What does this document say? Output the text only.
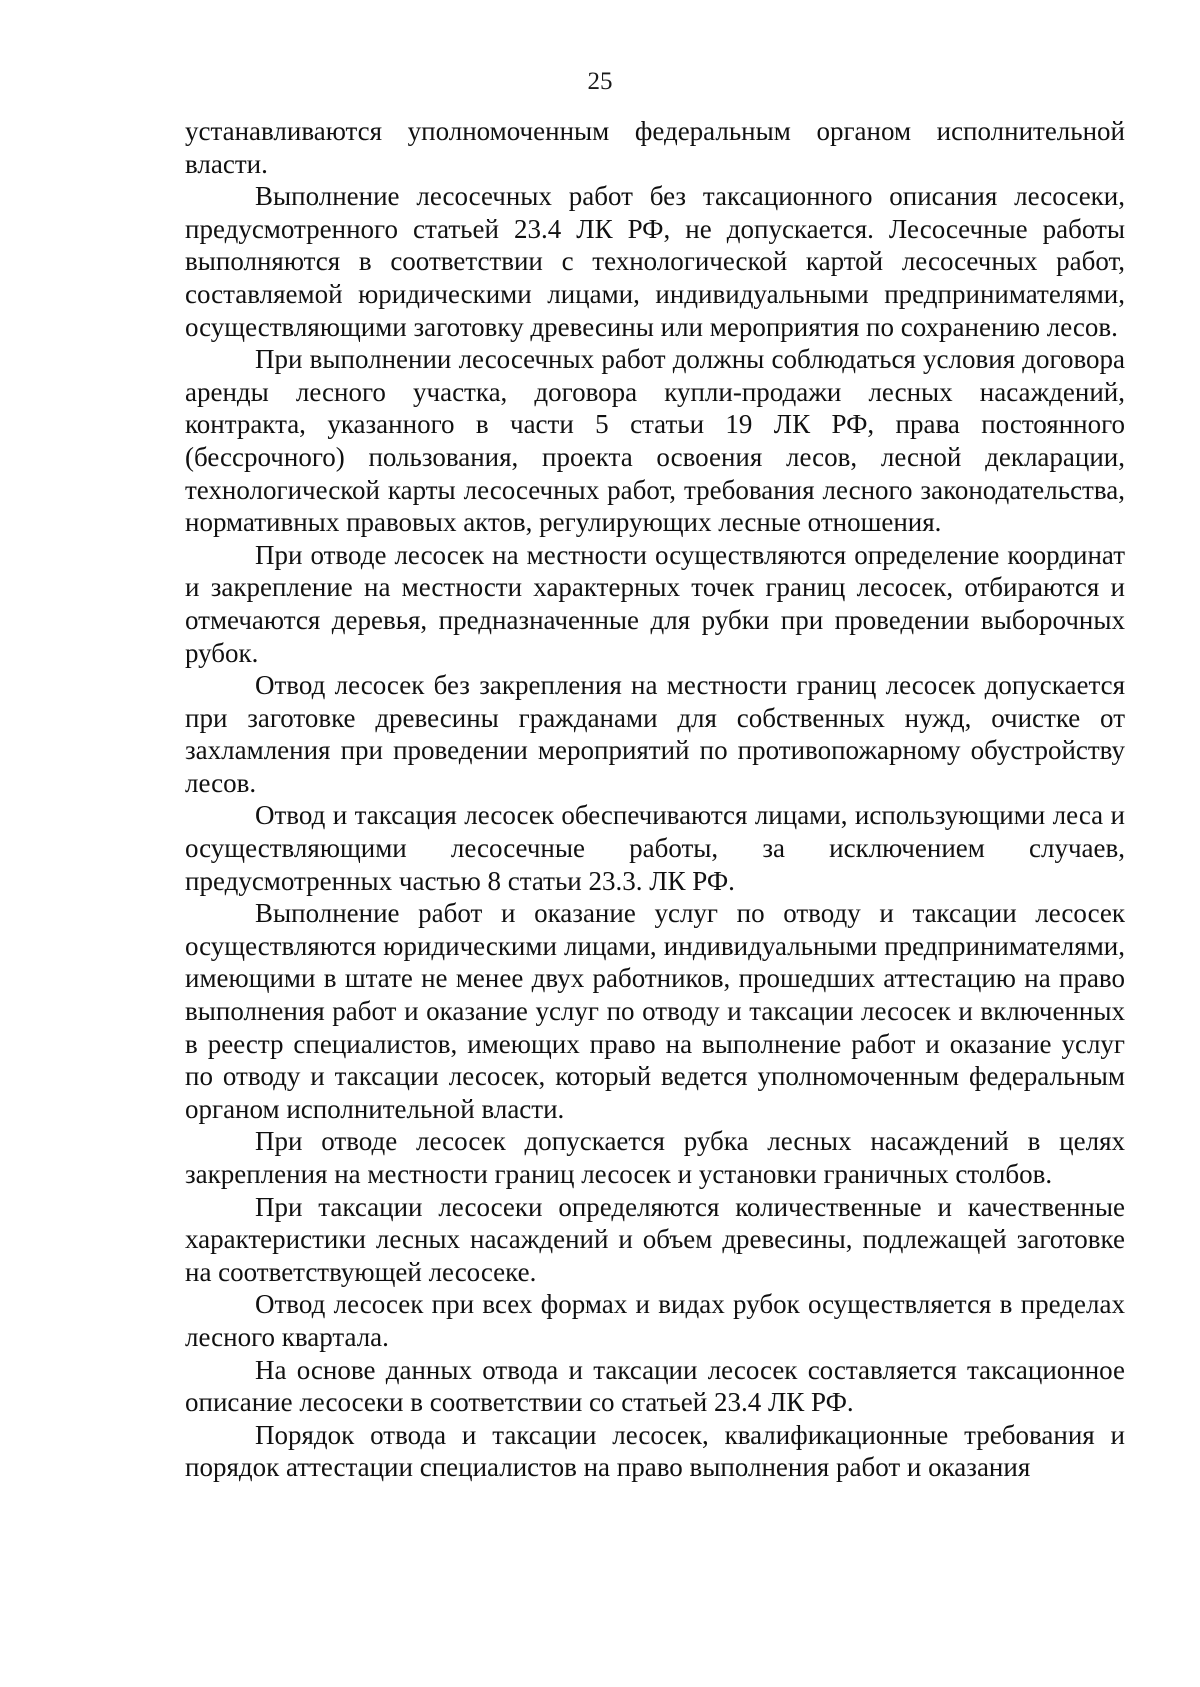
25

устанавливаются уполномоченным федеральным органом исполнительной власти.

Выполнение лесосечных работ без таксационного описания лесосеки, предусмотренного статьей 23.4 ЛК РФ, не допускается. Лесосечные работы выполняются в соответствии с технологической картой лесосечных работ, составляемой юридическими лицами, индивидуальными предпринимателями, осуществляющими заготовку древесины или мероприятия по сохранению лесов.

При выполнении лесосечных работ должны соблюдаться условия договора аренды лесного участка, договора купли-продажи лесных насаждений, контракта, указанного в части 5 статьи 19 ЛК РФ, права постоянного (бессрочного) пользования, проекта освоения лесов, лесной декларации, технологической карты лесосечных работ, требования лесного законодательства, нормативных правовых актов, регулирующих лесные отношения.

При отводе лесосек на местности осуществляются определение координат и закрепление на местности характерных точек границ лесосек, отбираются и отмечаются деревья, предназначенные для рубки при проведении выборочных рубок.

Отвод лесосек без закрепления на местности границ лесосек допускается при заготовке древесины гражданами для собственных нужд, очистке от захламления при проведении мероприятий по противопожарному обустройству лесов.

Отвод и таксация лесосек обеспечиваются лицами, использующими леса и осуществляющими лесосечные работы, за исключением случаев, предусмотренных частью 8 статьи 23.3. ЛК РФ.

Выполнение работ и оказание услуг по отводу и таксации лесосек осуществляются юридическими лицами, индивидуальными предпринимателями, имеющими в штате не менее двух работников, прошедших аттестацию на право выполнения работ и оказание услуг по отводу и таксации лесосек и включенных в реестр специалистов, имеющих право на выполнение работ и оказание услуг по отводу и таксации лесосек, который ведется уполномоченным федеральным органом исполнительной власти.

При отводе лесосек допускается рубка лесных насаждений в целях закрепления на местности границ лесосек и установки граничных столбов.

При таксации лесосеки определяются количественные и качественные характеристики лесных насаждений и объем древесины, подлежащей заготовке на соответствующей лесосеке.

Отвод лесосек при всех формах и видах рубок осуществляется в пределах лесного квартала.

На основе данных отвода и таксации лесосек составляется таксационное описание лесосеки в соответствии со статьей 23.4 ЛК РФ.

Порядок отвода и таксации лесосек, квалификационные требования и порядок аттестации специалистов на право выполнения работ и оказания
